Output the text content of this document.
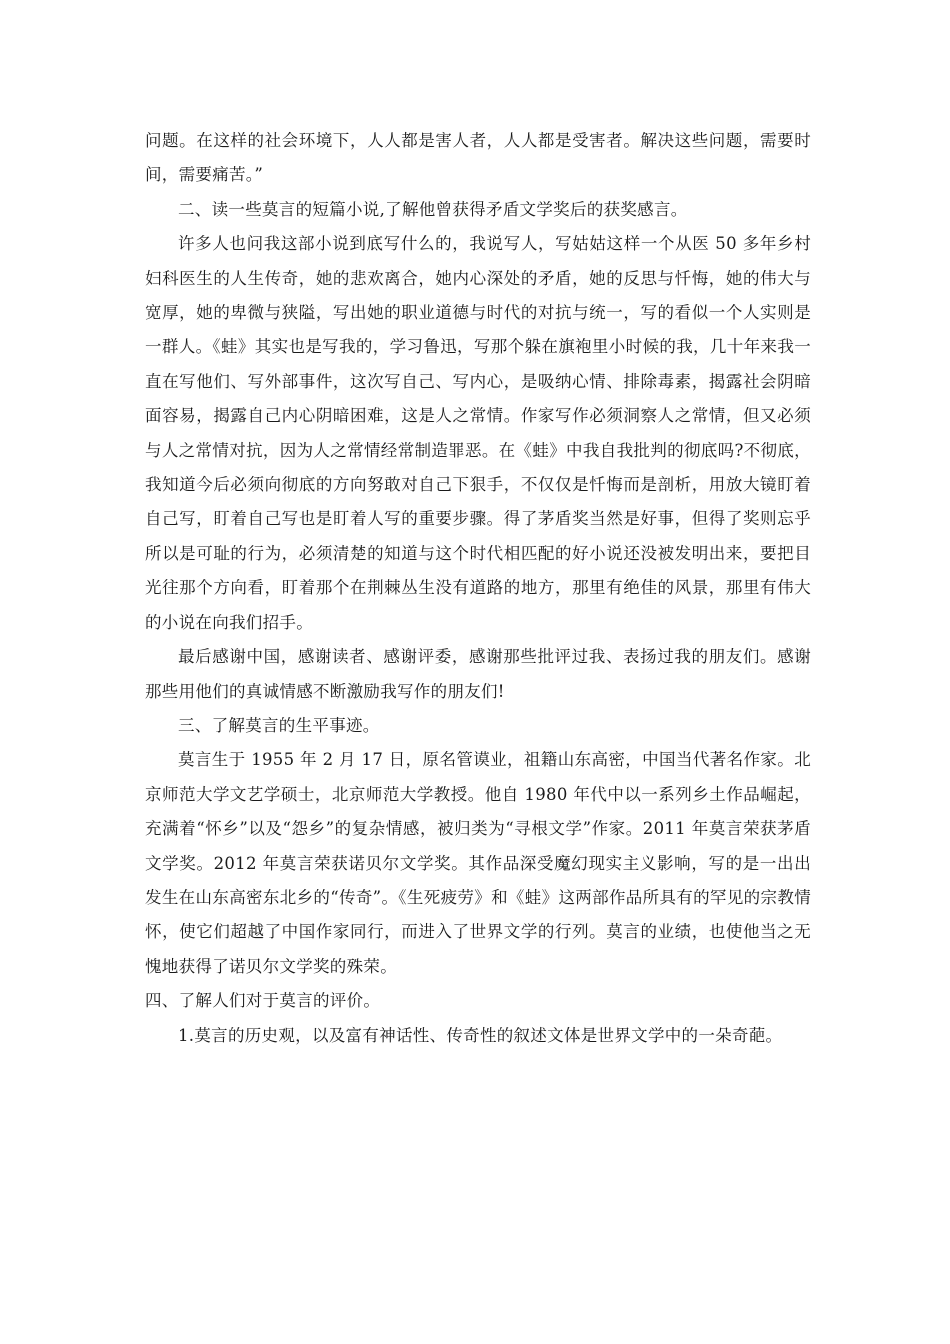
问题。在这样的社会环境下，人人都是害人者，人人都是受害者。解决这些问题，需要时间，需要痛苦。”

二、读一些莫言的短篇小说,了解他曾获得矛盾文学奖后的获奖感言。

许多人也问我这部小说到底写什么的，我说写人，写姑姑这样一个从医 50 多年乡村妇科医生的人生传奇，她的悲欢离合，她内心深处的矛盾，她的反思与忏悔，她的伟大与宽厚，她的卑微与狭隘，写出她的职业道德与时代的对抗与统一，写的看似一个人实则是一群人。《蛙》其实也是写我的，学习鲁迅，写那个躲在旗袍里小时候的我，几十年来我一直在写他们、写外部事件，这次写自己、写内心，是吸纳心情、排除毒素，揭露社会阴暗面容易，揭露自己内心阴暗困难，这是人之常情。作家写作必须洞察人之常情，但又必须与人之常情对抗，因为人之常情经常制造罪恶。在《蛙》中我自我批判的彻底吗?不彻底，我知道今后必须向彻底的方向努敢对自己下狠手，不仅仅是忏悔而是剖析，用放大镜盯着自己写，盯着自己写也是盯着人写的重要步骤。得了茅盾奖当然是好事，但得了奖则忘乎所以是可耻的行为，必须清楚的知道与这个时代相匹配的好小说还没被发明出来，要把目光往那个方向看，盯着那个在荆棘丛生没有道路的地方，那里有绝佳的风景，那里有伟大的小说在向我们招手。

最后感谢中国，感谢读者、感谢评委，感谢那些批评过我、表扬过我的朋友们。感谢那些用他们的真诚情感不断激励我写作的朋友们!

三、了解莫言的生平事迹。

莫言生于 1955 年 2 月 17 日，原名管谟业，祖籍山东高密，中国当代著名作家。北京师范大学文艺学硕士，北京师范大学教授。他自 1980 年代中以一系列乡土作品崛起，充满着“怀乡”以及“怨乡”的复杂情感，被归类为“寻根文学”作家。2011 年莫言荣获茅盾文学奖。2012 年莫言荣获诺贝尔文学奖。其作品深受魔幻现实主义影响，写的是一出出发生在山东高密东北乡的“传奇”。《生死疲劳》和《蛙》这两部作品所具有的罕见的宗教情怀，使它们超越了中国作家同行，而进入了世界文学的行列。莫言的业绩，也使他当之无愧地获得了诺贝尔文学奖的殊荣。

四、了解人们对于莫言的评价。

1.莫言的历史观，以及富有神话性、传奇性的叙述文体是世界文学中的一朵奇葩。
